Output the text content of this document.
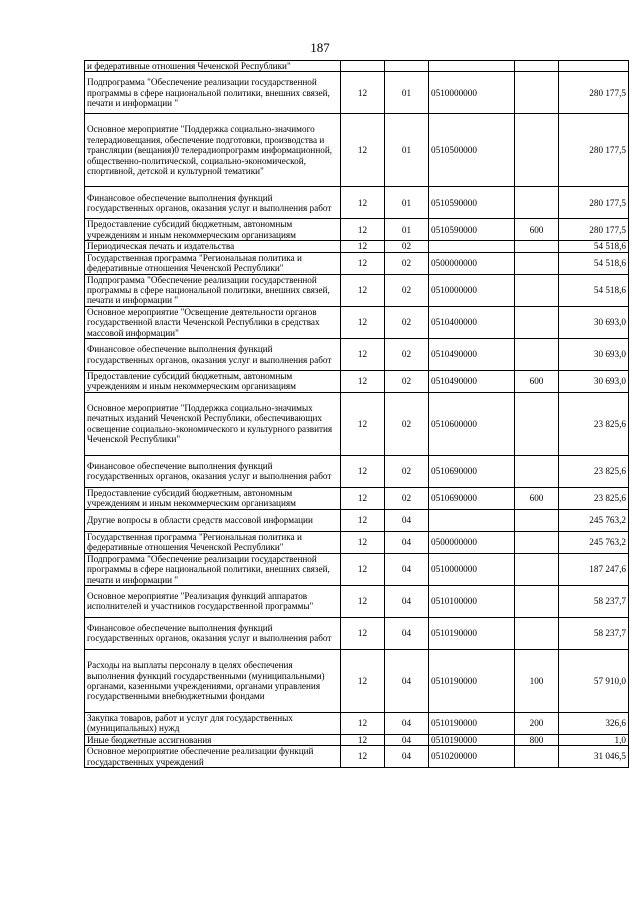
187
и федеративные отношения Чеченской Республики"					
Подпрограмма "Обеспечение реализации государственной программы в сфере национальной политики, внешних связей, печати и информации "	12	01	0510000000		280 177,5
Основное мероприятие "Поддержка социально-значимого телерадиовещания, обеспечение подготовки, производства и трансляции (вещания)0 телерадиопрограмм информационной, общественно-политической, социально-экономической, спортивной, детской и культурной тематики"	12	01	0510500000		280 177,5
Финансовое обеспечение выполнения функций государственных органов, оказания услуг и выполнения работ	12	01	0510590000		280 177,5
Предоставление субсидий бюджетным, автономным учреждениям и иным некоммерческим организациям	12	01	0510590000	600	280 177,5
Периодическая печать и издательства	12	02			54 518,6
Государственная программа "Региональная политика и федеративные отношения Чеченской Республики"	12	02	0500000000		54 518,6
Подпрограмма "Обеспечение реализации государственной программы в сфере национальной политики, внешних связей, печати и информации "	12	02	0510000000		54 518,6
Основное мероприятие "Освещение деятельности органов государственной власти Чеченской Республики в средствах массовой информации"	12	02	0510400000		30 693,0
Финансовое обеспечение выполнения функций государственных органов, оказания услуг и выполнения работ	12	02	0510490000		30 693,0
Предоставление субсидий бюджетным, автономным учреждениям и иным некоммерческим организациям	12	02	0510490000	600	30 693,0
Основное мероприятие "Поддержка социально-значимых печатных изданий Чеченской Республики, обеспечивающих освещение социально-экономического и культурного развития Чеченской Республики"	12	02	0510600000		23 825,6
Финансовое обеспечение выполнения функций государственных органов, оказания услуг и выполнения работ	12	02	0510690000		23 825,6
Предоставление субсидий бюджетным, автономным учреждениям и иным некоммерческим организациям	12	02	0510690000	600	23 825,6
Другие вопросы в области средств массовой информации	12	04			245 763,2
Государственная программа "Региональная политика и федеративные отношения Чеченской Республики"	12	04	0500000000		245 763,2
Подпрограмма "Обеспечение реализации государственной программы в сфере национальной политики, внешних связей, печати и информации "	12	04	0510000000		187 247,6
Основное мероприятие "Реализация функций аппаратов исполнителей и участников государственной программы"	12	04	0510100000		58 237,7
Финансовое обеспечение выполнения функций государственных органов, оказания услуг и выполнения работ	12	04	0510190000		58 237,7
Расходы на выплаты персоналу в целях обеспечения выполнения функций государственными (муниципальными) органами, казенными учреждениями, органами управления государственными внебюджетными фондами	12	04	0510190000	100	57 910,0
Закупка товаров, работ и услуг для государственных (муниципальных) нужд	12	04	0510190000	200	326,6
Иные бюджетные ассигнования	12	04	0510190000	800	1,0
Основное мероприятие обеспечение реализации функций государственных учреждений	12	04	0510200000		31 046,5
